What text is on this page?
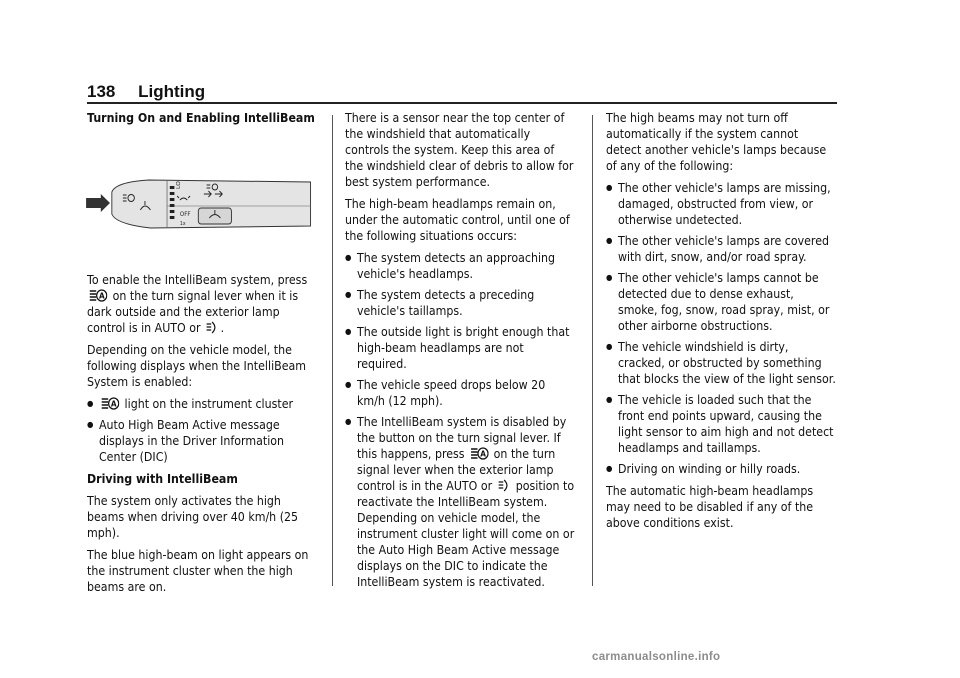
138 Lighting

Turning On and Enabling IntelliBeam

LO
OFF
1x

To enable the IntelliBeam system, press

A on the turn signal lever when it is dark outside and the exterior lamp control is in AUTO or .

Depending on the vehicle model, the following displays when the IntelliBeam System is enabled:

● A light on the instrument cluster
● Auto High Beam Active message displays in the Driver Information Center (DIC)

Driving with IntelliBeam

The system only activates the high beams when driving over 40 km/h (25 mph).

The blue high-beam on light appears on the instrument cluster when the high beams are on.

There is a sensor near the top center of the windshield that automatically controls the system. Keep this area of the windshield clear of debris to allow for best system performance.

The high-beam headlamps remain on, under the automatic control, until one of the following situations occurs:

● The system detects an approaching vehicle's headlamps.
● The system detects a preceding vehicle's taillamps.
● The outside light is bright enough that high-beam headlamps are not required.
● The vehicle speed drops below 20 km/h (12 mph).
● The IntelliBeam system is disabled by the button on the turn signal lever. If this happens, press A on the turn signal lever when the exterior lamp control is in the AUTO or position to reactivate the IntelliBeam system. Depending on vehicle model, the instrument cluster light will come on or the Auto High Beam Active message displays on the DIC to indicate the IntelliBeam system is reactivated.

The high beams may not turn off automatically if the system cannot detect another vehicle's lamps because of any of the following:

● The other vehicle's lamps are missing, damaged, obstructed from view, or otherwise undetected.
● The other vehicle's lamps are covered with dirt, snow, and/or road spray.
● The other vehicle's lamps cannot be detected due to dense exhaust, smoke, fog, snow, road spray, mist, or other airborne obstructions.
● The vehicle windshield is dirty, cracked, or obstructed by something that blocks the view of the light sensor.
● The vehicle is loaded such that the front end points upward, causing the light sensor to aim high and not detect headlamps and taillamps.
● Driving on winding or hilly roads.

The automatic high-beam headlamps may need to be disabled if any of the above conditions exist.

carmanualsonline.info
